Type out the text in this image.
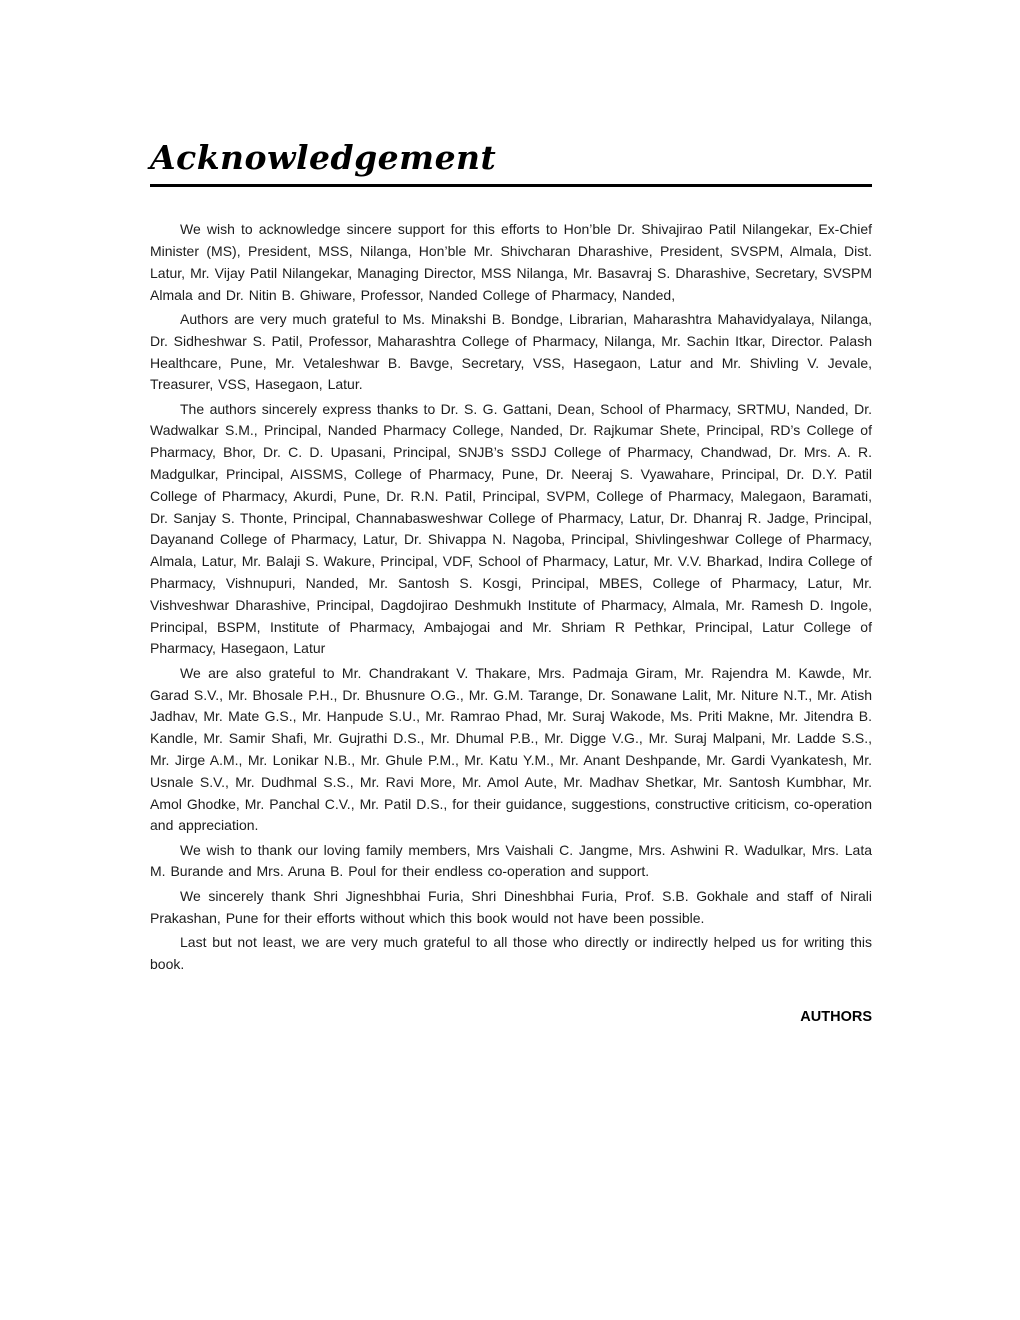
Acknowledgement

We wish to acknowledge sincere support for this efforts to Hon’ble Dr. Shivajirao Patil Nilangekar, Ex-Chief Minister (MS), President, MSS, Nilanga, Hon’ble Mr. Shivcharan Dharashive, President, SVSPM, Almala, Dist. Latur, Mr. Vijay Patil Nilangekar, Managing Director, MSS Nilanga, Mr. Basavraj S. Dharashive, Secretary, SVSPM Almala and Dr. Nitin B. Ghiware, Professor, Nanded College of Pharmacy, Nanded,

Authors are very much grateful to Ms. Minakshi B. Bondge, Librarian, Maharashtra Mahavidyalaya, Nilanga, Dr. Sidheshwar S. Patil, Professor, Maharashtra College of Pharmacy, Nilanga, Mr. Sachin Itkar, Director. Palash Healthcare, Pune, Mr. Vetaleshwar B. Bavge, Secretary, VSS, Hasegaon, Latur and Mr. Shivling V. Jevale, Treasurer, VSS, Hasegaon, Latur.

The authors sincerely express thanks to Dr. S. G. Gattani, Dean, School of Pharmacy, SRTMU, Nanded, Dr. Wadwalkar S.M., Principal, Nanded Pharmacy College, Nanded, Dr. Rajkumar Shete, Principal, RD’s College of Pharmacy, Bhor, Dr. C. D. Upasani, Principal, SNJB’s SSDJ College of Pharmacy, Chandwad, Dr. Mrs. A. R. Madgulkar, Principal, AISSMS, College of Pharmacy, Pune, Dr. Neeraj S. Vyawahare, Principal, Dr. D.Y. Patil College of Pharmacy, Akurdi, Pune, Dr. R.N. Patil, Principal, SVPM, College of Pharmacy, Malegaon, Baramati, Dr. Sanjay S. Thonte, Principal, Channabasweshwar College of Pharmacy, Latur, Dr. Dhanraj R. Jadge, Principal, Dayanand College of Pharmacy, Latur, Dr. Shivappa N. Nagoba, Principal, Shivlingeshwar College of Pharmacy, Almala, Latur, Mr. Balaji S. Wakure, Principal, VDF, School of Pharmacy, Latur, Mr. V.V. Bharkad, Indira College of Pharmacy, Vishnupuri, Nanded, Mr. Santosh S. Kosgi, Principal, MBES, College of Pharmacy, Latur, Mr. Vishveshwar Dharashive, Principal, Dagdojirao Deshmukh Institute of Pharmacy, Almala, Mr. Ramesh D. Ingole, Principal, BSPM, Institute of Pharmacy, Ambajogai and Mr. Shriam R Pethkar, Principal, Latur College of Pharmacy, Hasegaon, Latur

We are also grateful to Mr. Chandrakant V. Thakare, Mrs. Padmaja Giram, Mr. Rajendra M. Kawde, Mr. Garad S.V., Mr. Bhosale P.H., Dr. Bhusnure O.G., Mr. G.M. Tarange, Dr. Sonawane Lalit, Mr. Niture N.T., Mr. Atish Jadhav, Mr. Mate G.S., Mr. Hanpude S.U., Mr. Ramrao Phad, Mr. Suraj Wakode, Ms. Priti Makne, Mr. Jitendra B. Kandle, Mr. Samir Shafi, Mr. Gujrathi D.S., Mr. Dhumal P.B., Mr. Digge V.G., Mr. Suraj Malpani, Mr. Ladde S.S., Mr. Jirge A.M., Mr. Lonikar N.B., Mr. Ghule P.M., Mr. Katu Y.M., Mr. Anant Deshpande, Mr. Gardi Vyankatesh, Mr. Usnale S.V., Mr. Dudhmal S.S., Mr. Ravi More, Mr. Amol Aute, Mr. Madhav Shetkar, Mr. Santosh Kumbhar, Mr. Amol Ghodke, Mr. Panchal C.V., Mr. Patil D.S., for their guidance, suggestions, constructive criticism, co-operation and appreciation.

We wish to thank our loving family members, Mrs Vaishali C. Jangme, Mrs. Ashwini R. Wadulkar, Mrs. Lata M. Burande and Mrs. Aruna B. Poul for their endless co-operation and support.

We sincerely thank Shri Jigneshbhai Furia, Shri Dineshbhai Furia, Prof. S.B. Gokhale and staff of Nirali Prakashan, Pune for their efforts without which this book would not have been possible.

Last but not least, we are very much grateful to all those who directly or indirectly helped us for writing this book.

AUTHORS
